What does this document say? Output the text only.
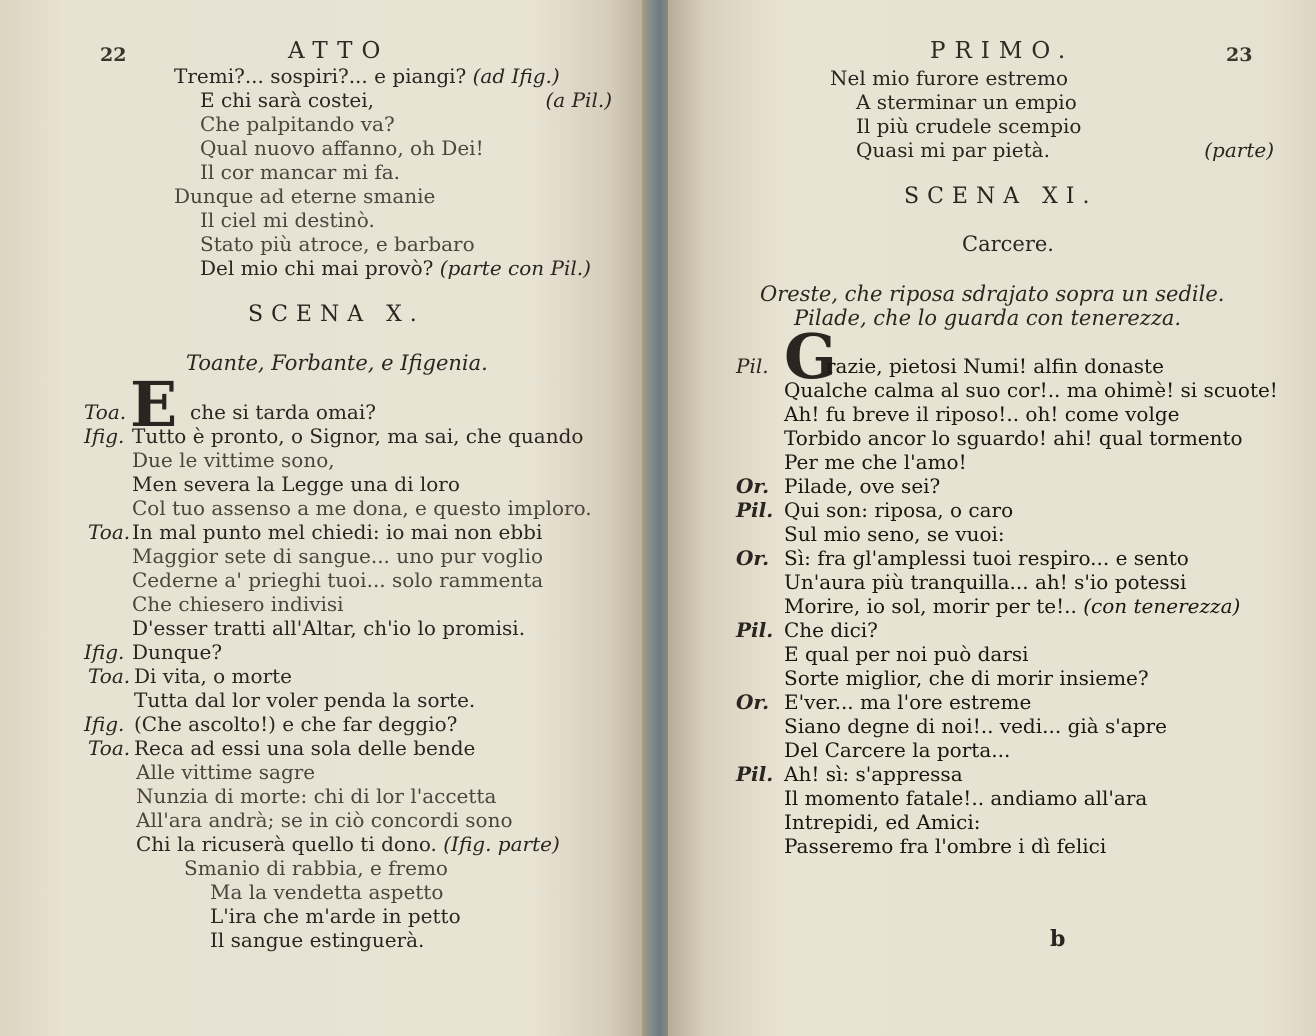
22	ATTO
Tremi?... sospiri?... e piangi? (ad Ifig.)
E chi sarà costei,	(a Pil.)
Che palpitando va?
Qual nuovo affanno, oh Dei!
Il cor mancar mi fa.
Dunque ad eterne smanie
Il ciel mi destinò.
Stato più atroce, e barbaro
Del mio chi mai provò? (parte con Pil.)
SCENA X.
Toante, Forbante, e Ifigenia.
E
Toa.	che si tarda omai?
Ifig. Tutto è pronto, o Signor, ma sai, che quando
Due le vittime sono,
Men severa la Legge una di loro
Col tuo assenso a me dona, e questo imploro.
Toa. In mal punto mel chiedi: io mai non ebbi
Maggior sete di sangue... uno pur voglio
Cederne a' prieghi tuoi... solo rammenta
Che chiesero indivisi
D'esser tratti all'Altar, ch'io lo promisi.
Ifig. Dunque?
Toa. Di vita, o morte
Tutta dal lor voler penda la sorte.
Ifig. (Che ascolto!) e che far deggio?
Toa. Reca ad essi una sola delle bende
Alle vittime sagre
Nunzia di morte: chi di lor l'accetta
All'ara andrà; se in ciò concordi sono
Chi la ricuserà quello ti dono. (Ifig. parte)
Smanio di rabbia, e fremo
Ma la vendetta aspetto
L'ira che m'arde in petto
Il sangue estinguerà.
PRIMO.	23
Nel mio furore estremo
A sterminar un empio
Il più crudele scempio
Quasi mi par pietà.	(parte)
SCENA XI.
Carcere.
Oreste, che riposa sdrajato sopra un sedile.
Pilade, che lo guarda con tenerezza.
G
Pil.	razie, pietosi Numi! alfin donaste
Qualche calma al suo cor!.. ma ohimè! si scuote!
Ah! fu breve il riposo!.. oh! come volge
Torbido ancor lo sguardo! ahi! qual tormento
Per me che l'amo!
Or. Pilade, ove sei?
Pil. Qui son: riposa, o caro
Sul mio seno, se vuoi:
Or. Sì: fra gl'amplessi tuoi respiro... e sento
Un'aura più tranquilla... ah! s'io potessi
Morire, io sol, morir per te!.. (con tenerezza)
Pil. Che dici?
E qual per noi può darsi
Sorte miglior, che di morir insieme?
Or. E'ver... ma l'ore estreme
Siano degne di noi!.. vedi... già s'apre
Del Carcere la porta...
Pil. Ah! sì: s'appressa
Il momento fatale!.. andiamo all'ara
Intrepidi, ed Amici:
Passeremo fra l'ombre i dì felici
b
